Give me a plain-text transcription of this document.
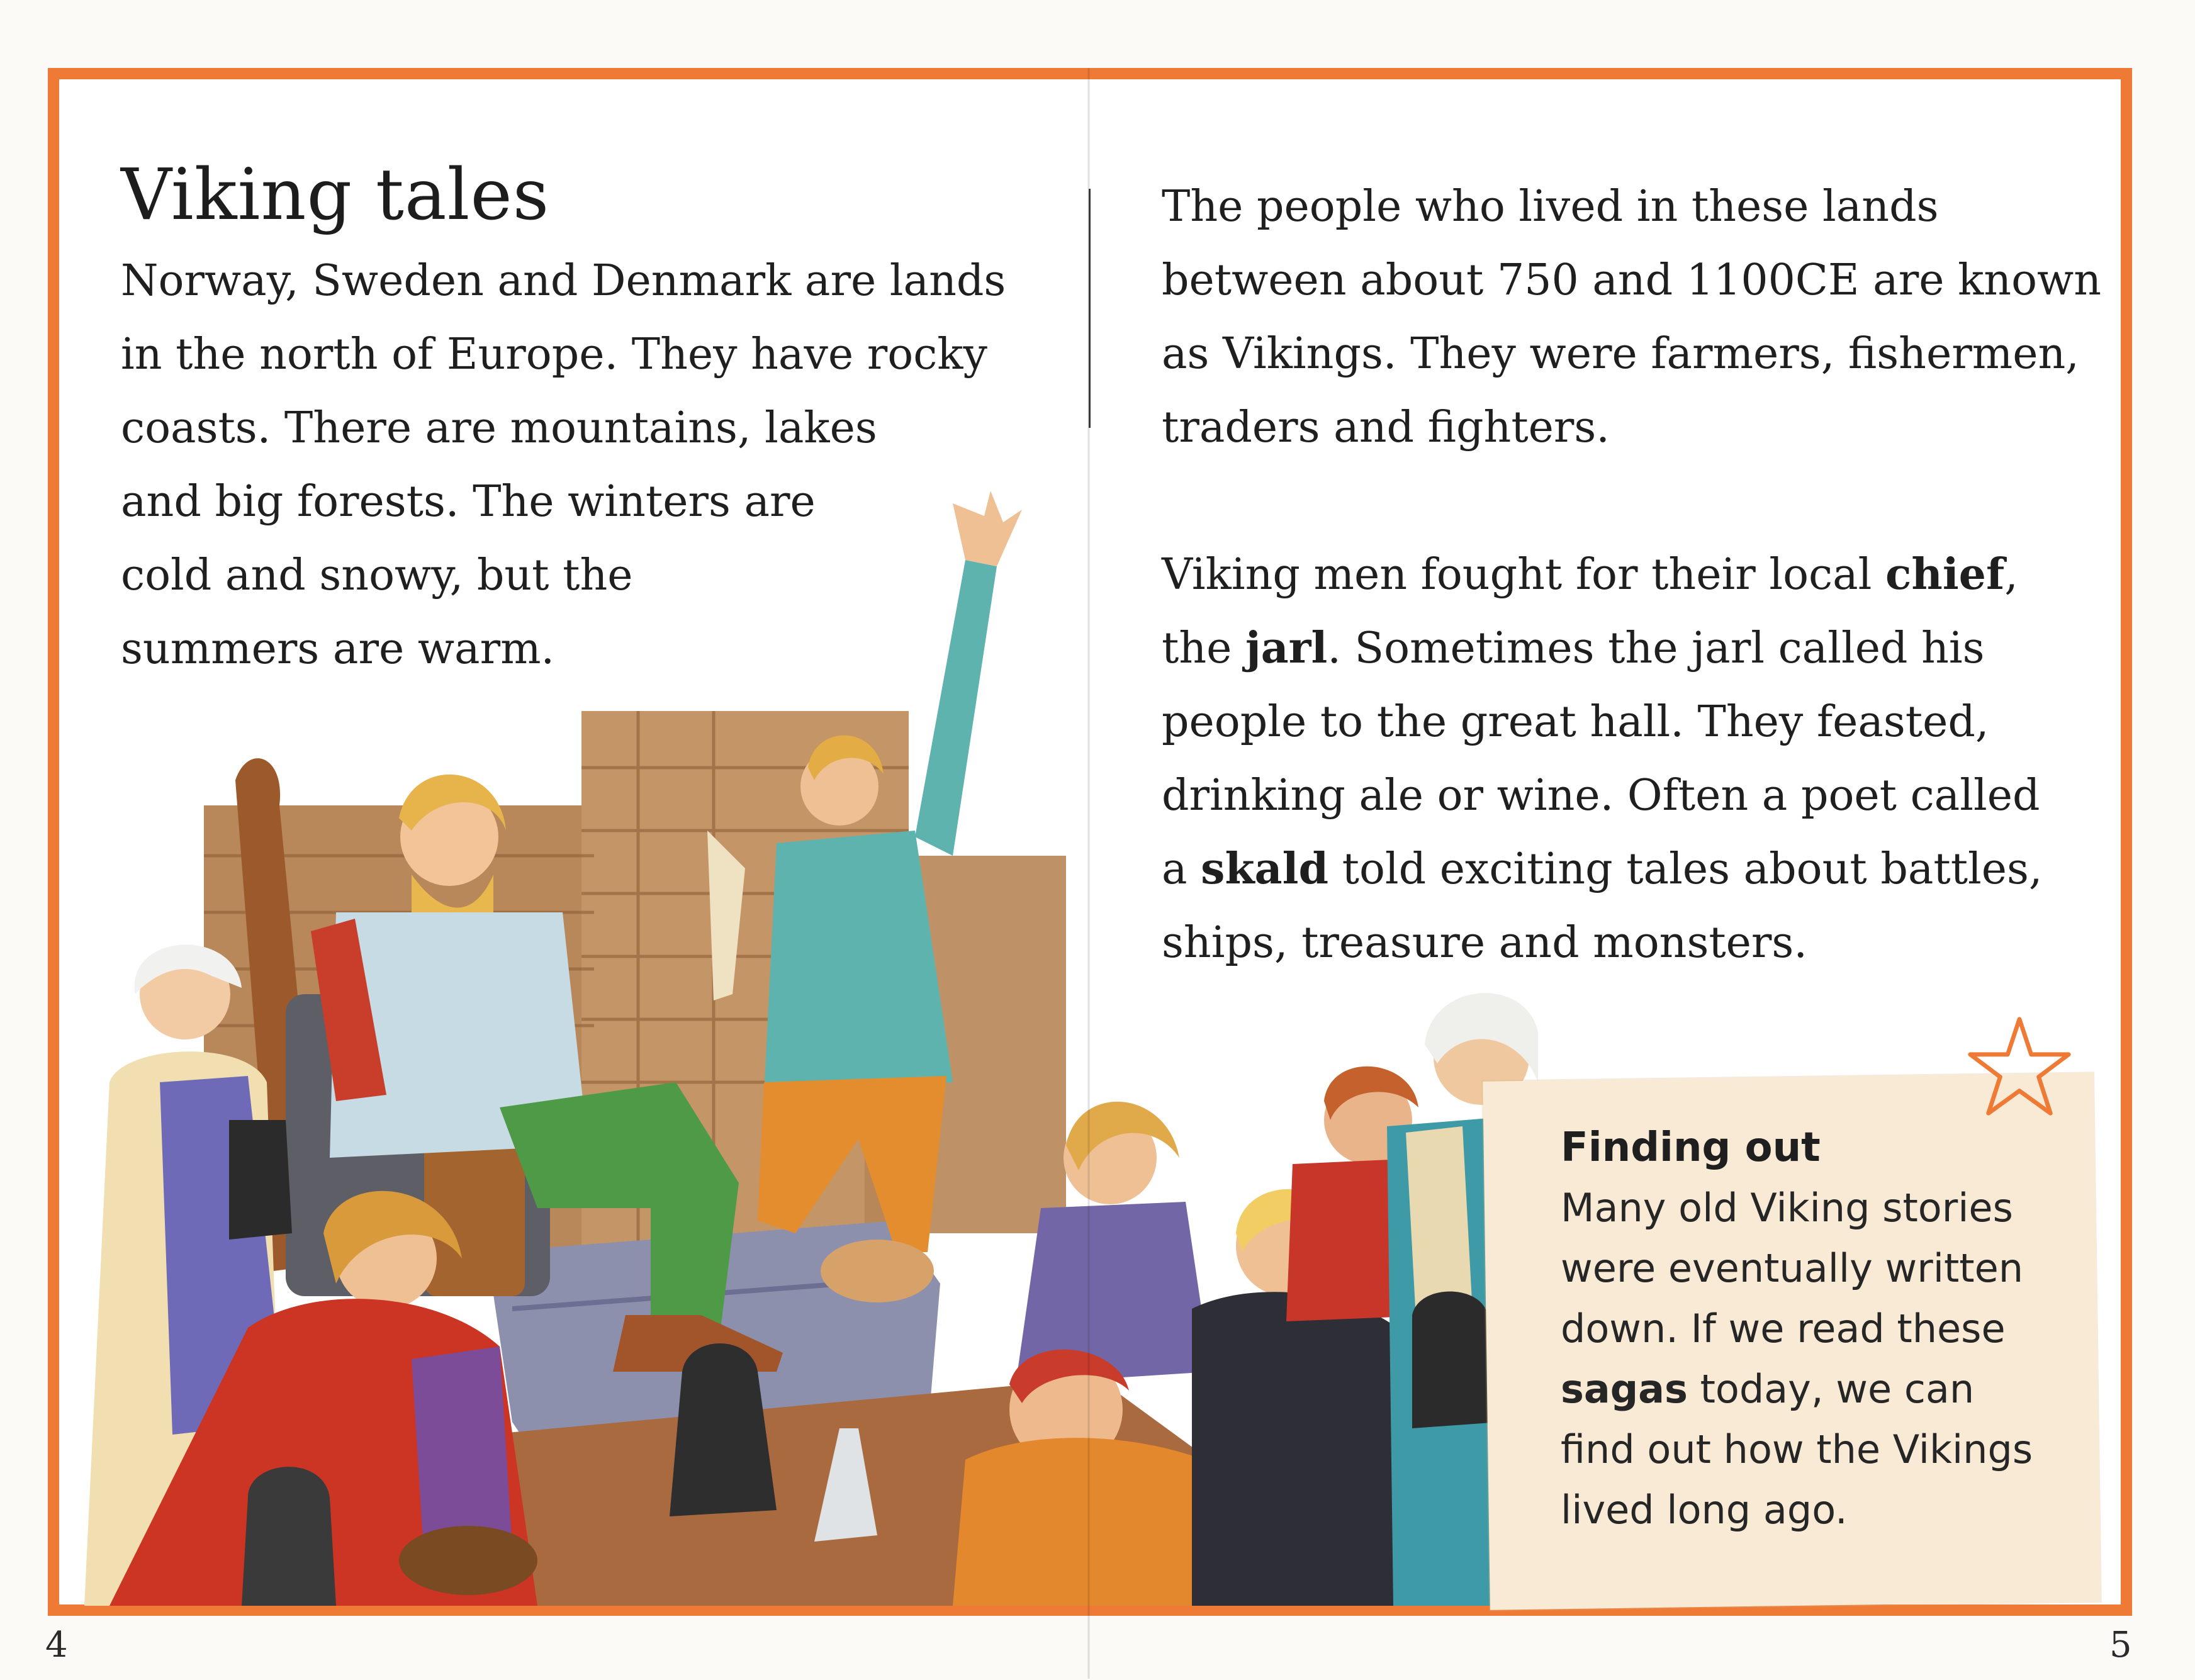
Viking tales

Norway, Sweden and Denmark are lands
in the north of Europe. They have rocky
coasts. There are mountains, lakes
and big forests. The winters are
cold and snowy, but the
summers are warm.

The people who lived in these lands
between about 750 and 1100CE are known
as Vikings. They were farmers, fishermen,
traders and fighters.
Viking men fought for their local chief,
the jarl. Sometimes the jarl called his
people to the great hall. They feasted,
drinking ale or wine. Often a poet called
a skald told exciting tales about battles,
ships, treasure and monsters.

Finding out

Many old Viking stories
were eventually written
down. If we read these
sagas today, we can
find out how the Vikings
lived long ago.

4	5
